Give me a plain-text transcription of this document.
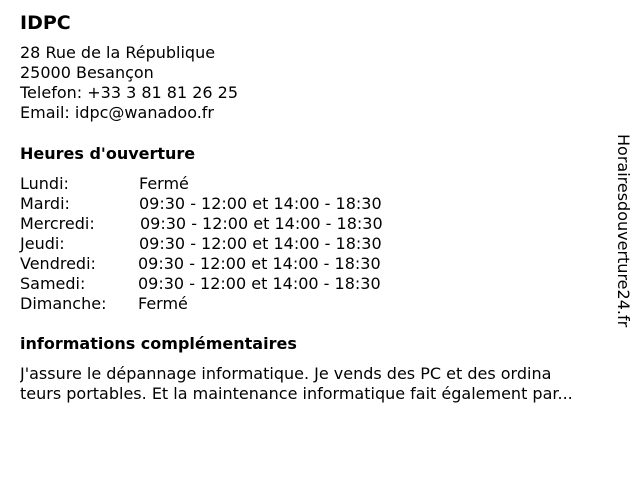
IDPC
28 Rue de la République
25000 Besançon
Telefon: +33 3 81 81 26 25
Email: idpc@wanadoo.fr
Heures d'ouverture
Lundi:	Fermé
Mardi:	09:30 - 12:00 et 14:00 - 18:30
Mercredi:	09:30 - 12:00 et 14:00 - 18:30
Jeudi:	09:30 - 12:00 et 14:00 - 18:30
Vendredi:	09:30 - 12:00 et 14:00 - 18:30
Samedi:	09:30 - 12:00 et 14:00 - 18:30
Dimanche: Fermé
informations complémentaires
J'assure le dépannage informatique. Je vends des PC et des ordina
teurs portables. Et la maintenance informatique fait également par...
Horairesdouverture24.fr
